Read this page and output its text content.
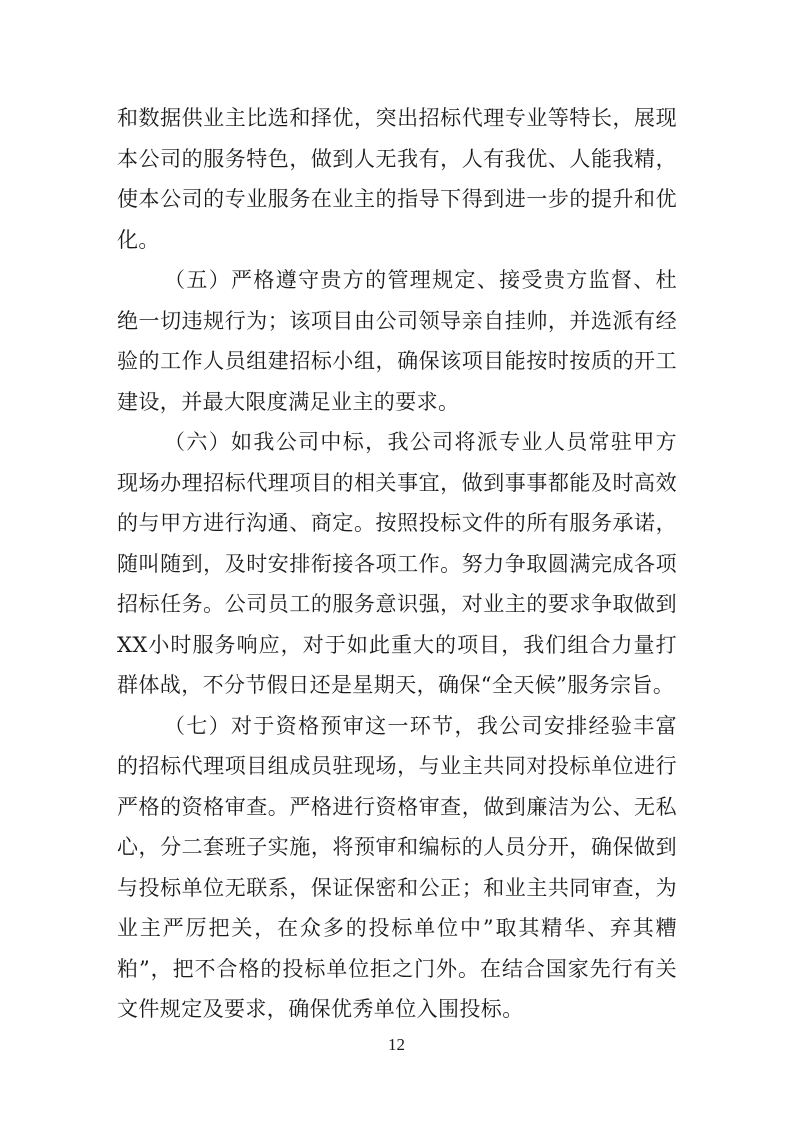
和数据供业主比选和择优，突出招标代理专业等特长，展现本公司的服务特色，做到人无我有，人有我优、人能我精，使本公司的专业服务在业主的指导下得到进一步的提升和优化。

（五）严格遵守贵方的管理规定、接受贵方监督、杜绝一切违规行为；该项目由公司领导亲自挂帅，并选派有经验的工作人员组建招标小组，确保该项目能按时按质的开工建设，并最大限度满足业主的要求。

（六）如我公司中标，我公司将派专业人员常驻甲方现场办理招标代理项目的相关事宜，做到事事都能及时高效的与甲方进行沟通、商定。按照投标文件的所有服务承诺，随叫随到，及时安排衔接各项工作。努力争取圆满完成各项招标任务。公司员工的服务意识强，对业主的要求争取做到XX小时服务响应，对于如此重大的项目，我们组合力量打群体战，不分节假日还是星期天，确保“全天候”服务宗旨。

（七）对于资格预审这一环节，我公司安排经验丰富的招标代理项目组成员驻现场，与业主共同对投标单位进行严格的资格审查。严格进行资格审查，做到廉洁为公、无私心，分二套班子实施，将预审和编标的人员分开，确保做到与投标单位无联系，保证保密和公正；和业主共同审查，为业主严厉把关，在众多的投标单位中”取其精华、弃其糟粕”，把不合格的投标单位拒之门外。在结合国家先行有关文件规定及要求，确保优秀单位入围投标。

12
